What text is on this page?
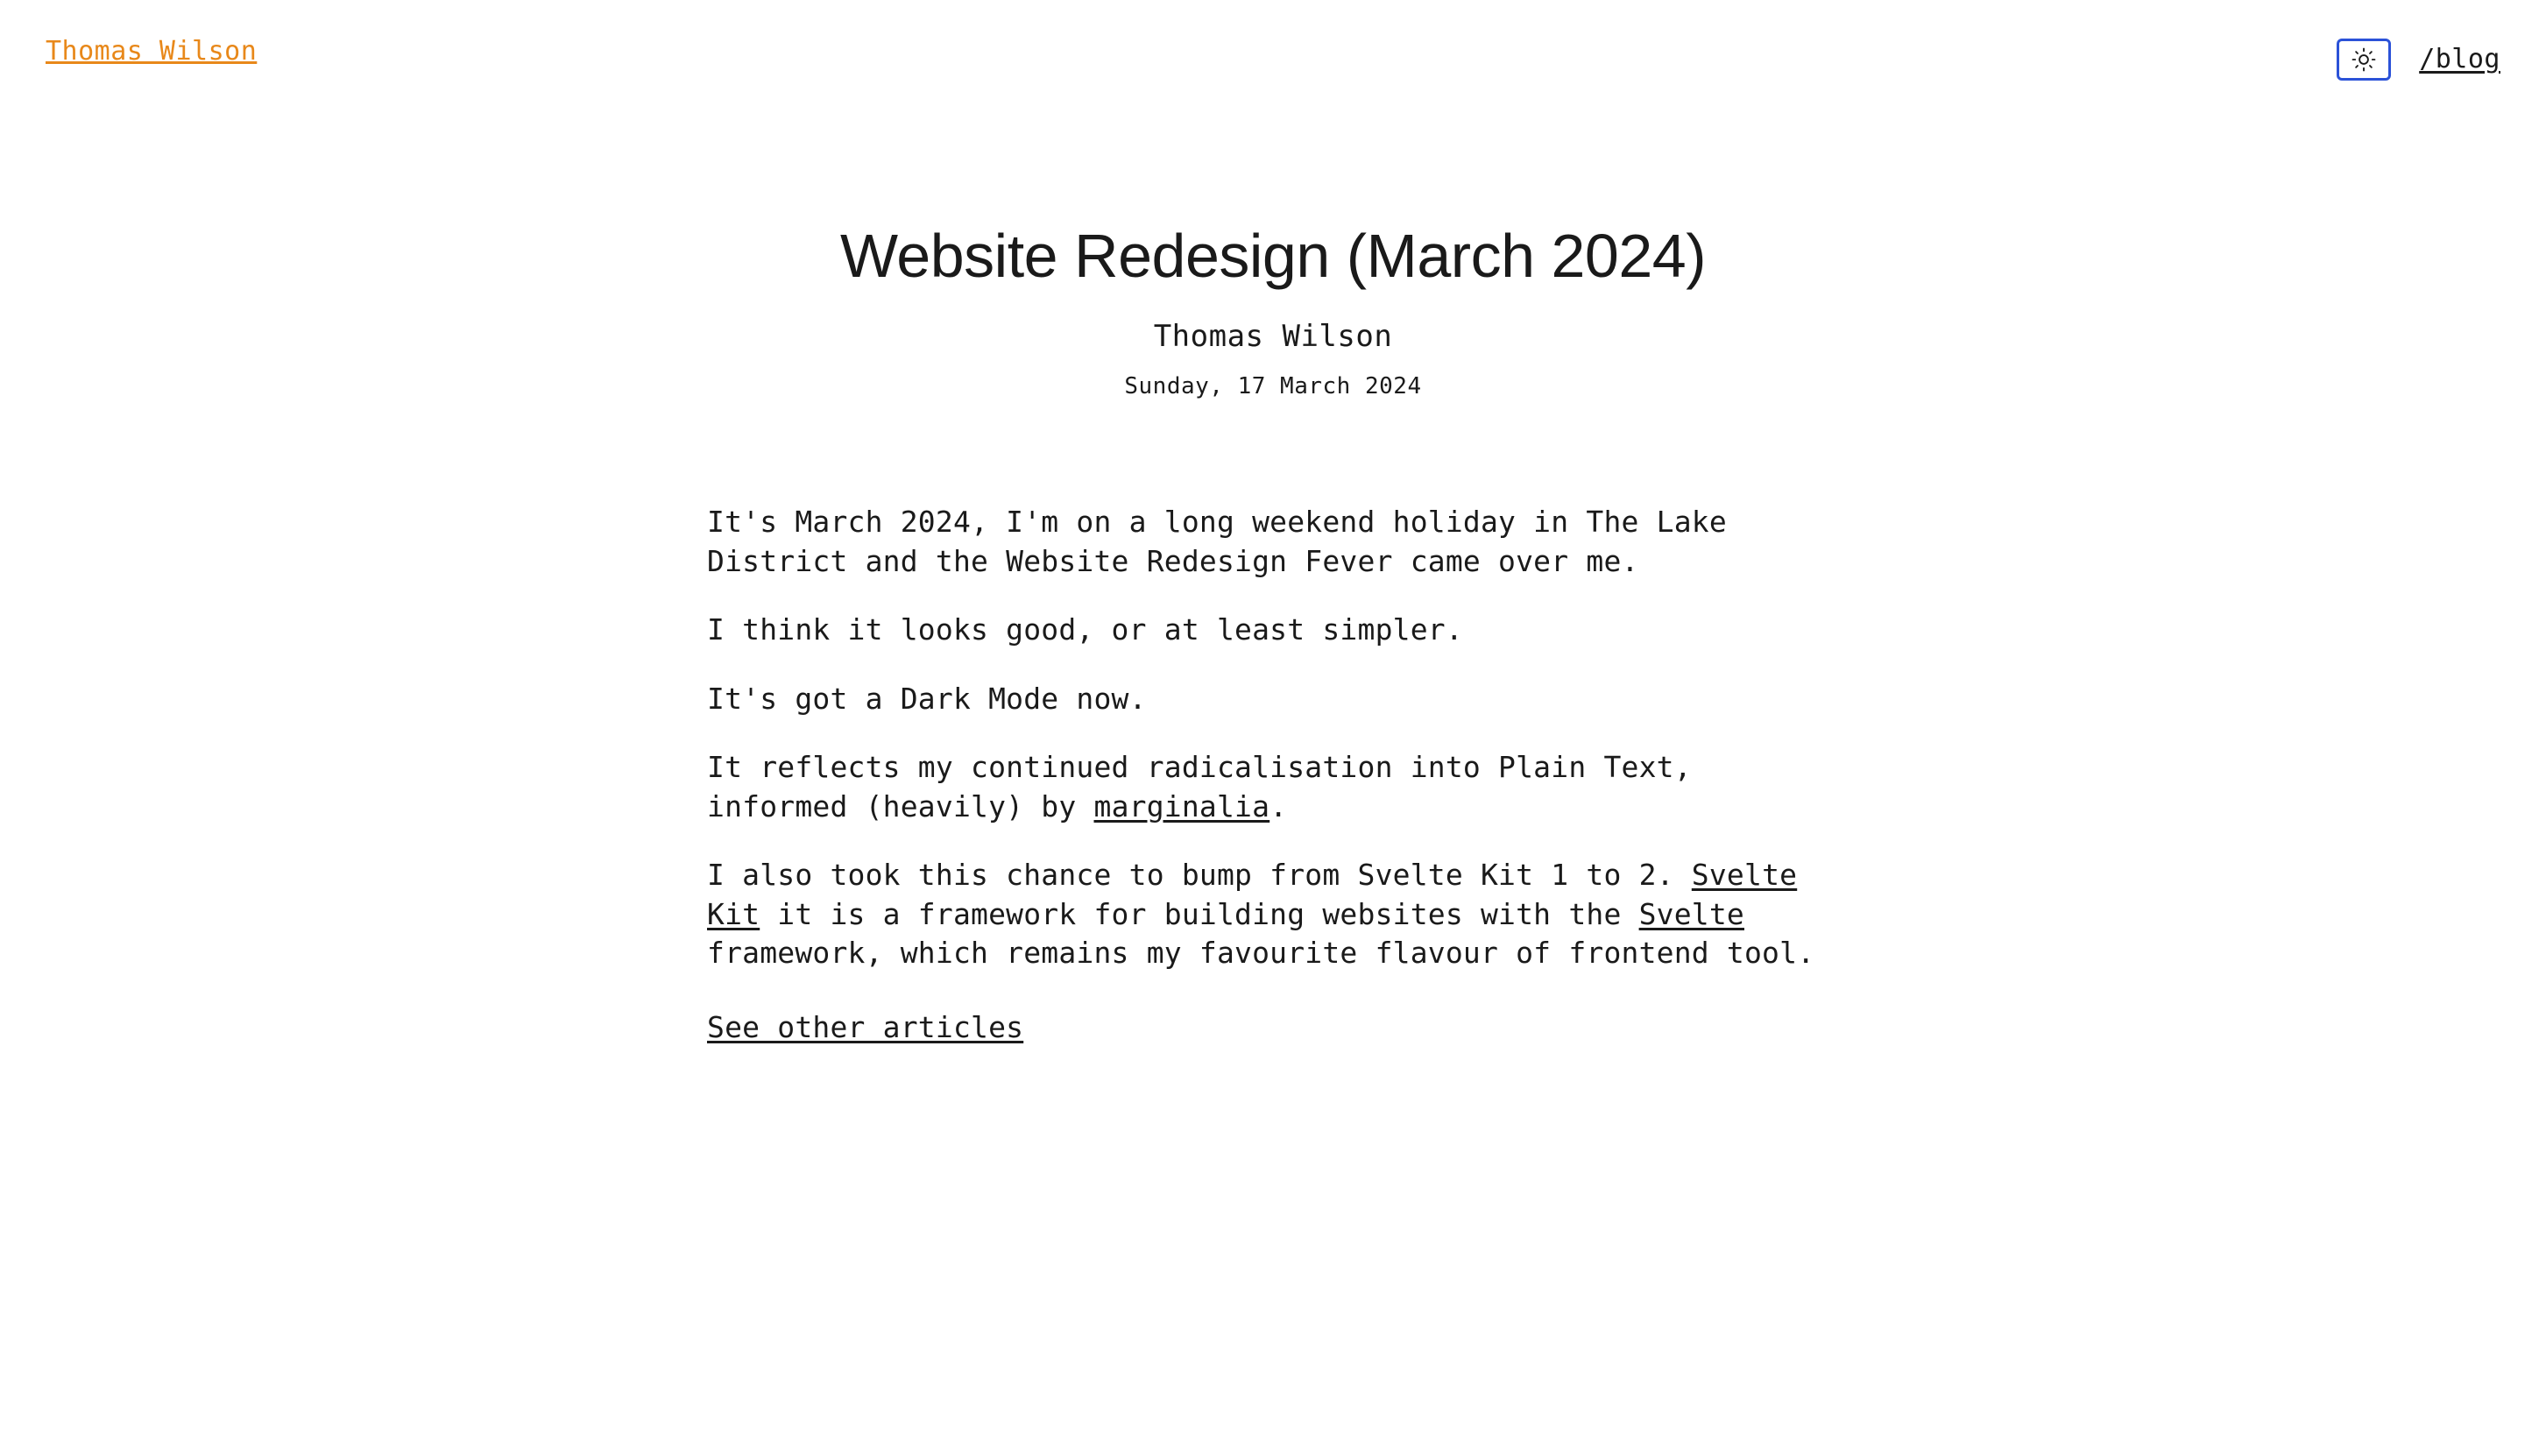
Thomas Wilson	/blog
Website Redesign (March 2024)
Thomas Wilson
Sunday, 17 March 2024

It's March 2024, I'm on a long weekend holiday in The Lake District and the Website Redesign Fever came over me.

I think it looks good, or at least simpler.

It's got a Dark Mode now.

It reflects my continued radicalisation into Plain Text, informed (heavily) by marginalia.

I also took this chance to bump from Svelte Kit 1 to 2. Svelte Kit it is a framework for building websites with the Svelte framework, which remains my favourite flavour of frontend tool.

See other articles
